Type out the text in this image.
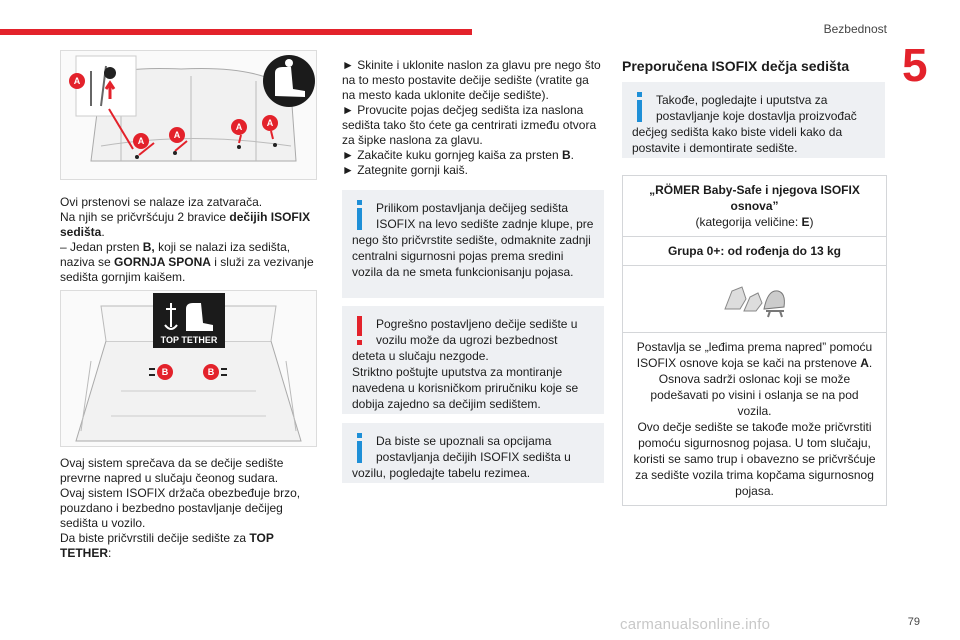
Bezbednost
5
A
A
A
A	A
Ovi prstenovi se nalaze iza zatvarača.
Na njih se pričvršćuju 2 bravice dečijih ISOFIX sedišta.
– Jedan prsten B, koji se nalazi iza sedišta, naziva se GORNJA SPONA i služi za vezivanje sedišta gornjim kaišem.
TOP TETHER
B	B
Ovaj sistem sprečava da se dečije sedište prevrne napred u slučaju čeonog sudara.
Ovaj sistem ISOFIX držača obezbeđuje brzo, pouzdano i bezbedno postavljanje dečijeg sedišta u vozilo.
Da biste pričvrstili dečije sedište za TOP TETHER:
► Skinite i uklonite naslon za glavu pre nego što na to mesto postavite dečije sedište (vratite ga na mesto kada uklonite dečije sedište).
► Provucite pojas dečjeg sedišta iza naslona sedišta tako što ćete ga centrirati između otvora za šipke naslona za glavu.
► Zakačite kuku gornjeg kaiša za prsten B.
► Zategnite gornji kaiš.
Prilikom postavljanja dečijeg sedišta ISOFIX na levo sedište zadnje klupe, pre nego što pričvrstite sedište, odmaknite zadnji centralni sigurnosni pojas prema sredini vozila da ne smeta funkcionisanju pojasa.
Pogrešno postavljeno dečije sedište u vozilu može da ugrozi bezbednost deteta u slučaju nezgode.
Striktno poštujte uputstva za montiranje navedena u korisničkom priručniku koje se dobija zajedno sa dečijim sedištem.
Da biste se upoznali sa opcijama postavljanja dečijih ISOFIX sedišta u vozilu, pogledajte tabelu rezimea.
Preporučena ISOFIX dečja sedišta
Takođe, pogledajte i uputstva za postavljanje koje dostavlja proizvođač dečjeg sedišta kako biste videli kako da postavite i demontirate sedište.
„RÖMER Baby-Safe i njegova ISOFIX osnova”
(kategorija veličine: E)
Grupa 0+: od rođenja do 13 kg
Postavlja se „leđima prema napred” pomoću ISOFIX osnove koja se kači na prstenove A.
Osnova sadrži oslonac koji se može podešavati po visini i oslanja se na pod vozila.
Ovo dečje sedište se takođe može pričvrstiti pomoću sigurnosnog pojasa. U tom slučaju, koristi se samo trup i obavezno se pričvršćuje za sedište vozila trima kopčama sigurnosnog pojasa.
carmanualsonline.info	79
